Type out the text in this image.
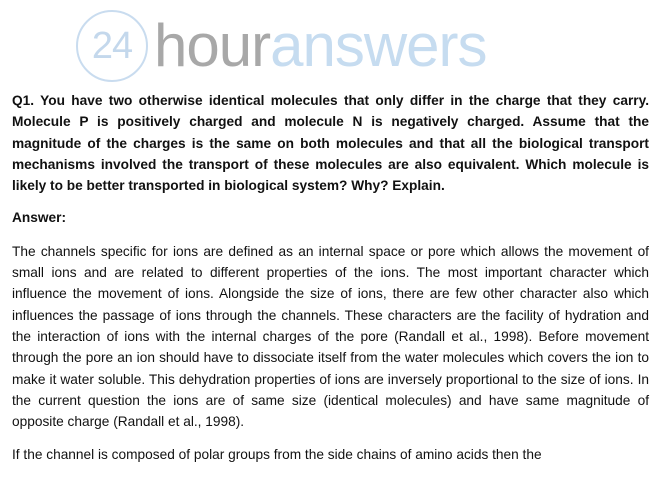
24 hour answers

Q1. You have two otherwise identical molecules that only differ in the charge that they carry. Molecule P is positively charged and molecule N is negatively charged. Assume that the magnitude of the charges is the same on both molecules and that all the biological transport mechanisms involved the transport of these molecules are also equivalent. Which molecule is likely to be better transported in biological system? Why? Explain.

Answer:

The channels specific for ions are defined as an internal space or pore which allows the movement of small ions and are related to different properties of the ions. The most important character which influence the movement of ions. Alongside the size of ions, there are few other character also which influences the passage of ions through the channels. These characters are the facility of hydration and the interaction of ions with the internal charges of the pore (Randall et al., 1998). Before movement through the pore an ion should have to dissociate itself from the water molecules which covers the ion to make it water soluble. This dehydration properties of ions are inversely proportional to the size of ions. In the current question the ions are of same size (identical molecules) and have same magnitude of opposite charge (Randall et al., 1998).

If the channel is composed of polar groups from the side chains of amino acids then the
